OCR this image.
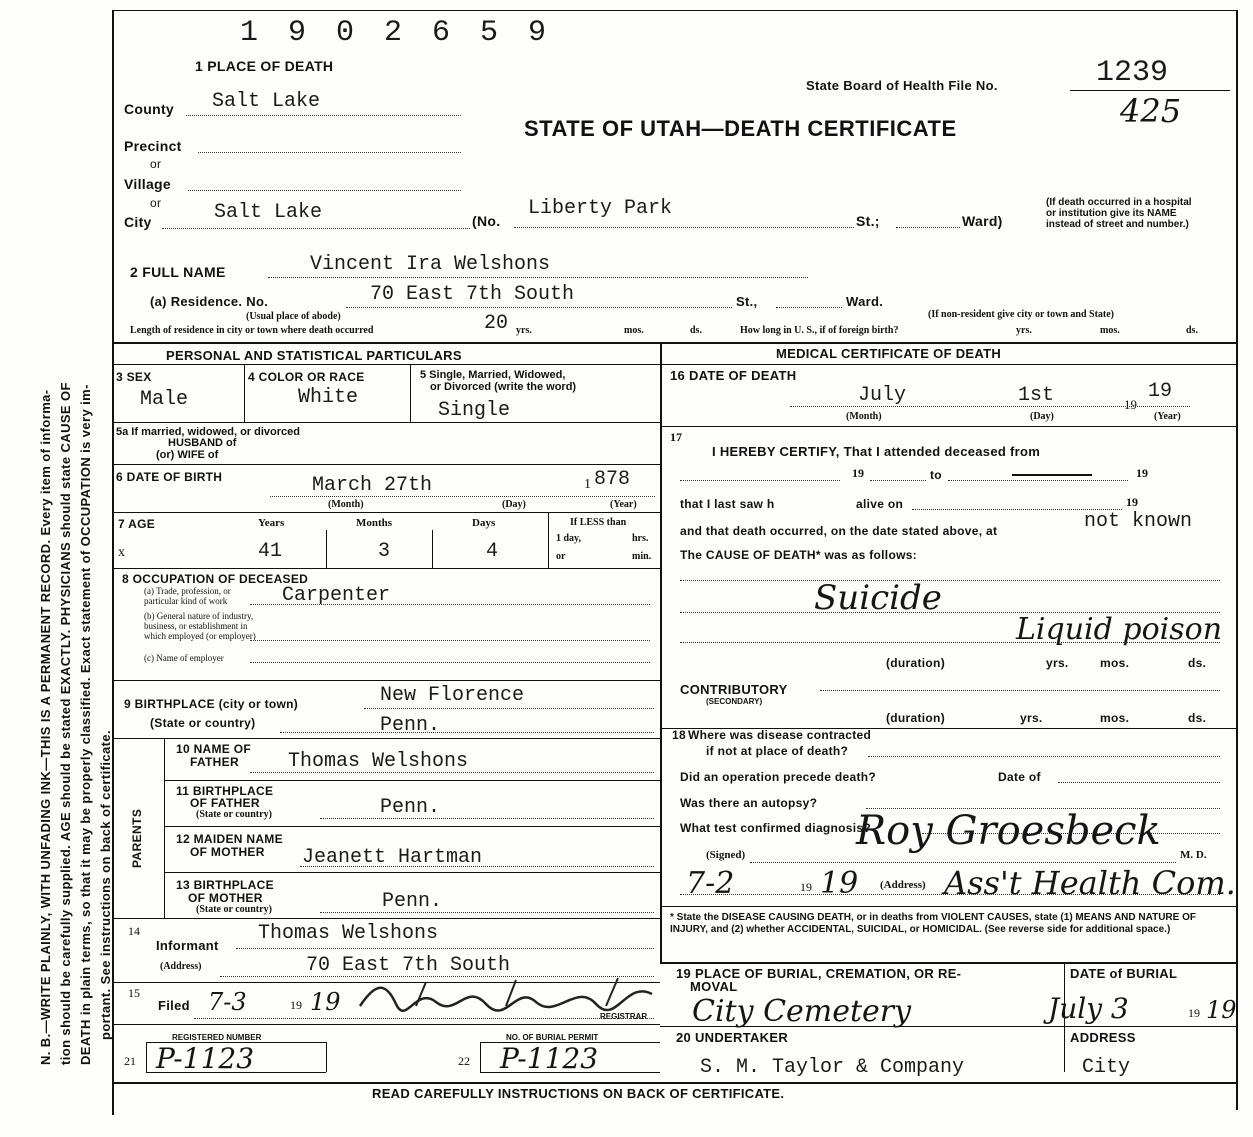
N. B.—WRITE PLAINLY, WITH UNFADING INK—THIS IS A PERMANENT RECORD. Every item of informa- tion should be carefully supplied. AGE should be stated EXACTLY. PHYSICIANS should state CAUSE OF DEATH in plain terms, so that it may be properly classified. Exact statement of OCCUPATION is very im- portant. See instructions on back of certificate.
1 9 0 2 6 5 9
1 PLACE OF DEATH
State Board of Health File No.	1239
425
STATE OF UTAH—DEATH CERTIFICATE
County Salt Lake
Precinct
or
Village
or
City	Salt Lake	(No.
Liberty Park
St.;	Ward)
(If death occurred in a hospital or institution give its NAME instead of street and number.)
2 FULL NAME	Vincent Ira Welshons
(a) Residence. No.	70 East 7th South	St.,	Ward.
(Usual place of abode)	(If non-resident give city or town and State)
Length of residence in city or town where death occurred	20 yrs.	mos.	ds.	How long in U. S., if of foreign birth?	yrs.	mos.	ds.
PERSONAL AND STATISTICAL PARTICULARS
3 SEX
Male
4 COLOR OR RACE
White
5 Single, Married, Widowed,
or Divorced (write the word)
Single
5a If married, widowed, or divorced
HUSBAND of
(or) WIFE of
6 DATE OF BIRTH	March 27th	1 878
(Month)	(Day)	(Year)
7 AGE	Years	Months	Days	If LESS than
1 day,	hrs.
or	min.
x	41	3	4
8 OCCUPATION OF DECEASED
(a) Trade, profession, or
particular kind of work	Carpenter
(b) General nature of industry,
business, or establishment in
which employed (or employer)
(c) Name of employer
9 BIRTHPLACE (city or town)	New Florence
(State or country)	Penn.
PARENTS
10 NAME OF
FATHER Thomas Welshons
11 BIRTHPLACE
OF FATHER
(State or country)	Penn.
12 MAIDEN NAME
OF MOTHER Jeanett Hartman
13 BIRTHPLACE
OF MOTHER
(State or country)	Penn.
14
Informant
Thomas Welshons
(Address)	70 East 7th South
15
Filed 7-3	19 19
REGISTRAR
REGISTERED NUMBER	NO. OF BURIAL PERMIT
21 P-1123	22 P-1123
MEDICAL CERTIFICATE OF DEATH
16 DATE OF DEATH
July	1st	19
19
(Month)	(Day)	(Year)
17
I HEREBY CERTIFY, That I attended deceased from
19	to	19
that I last saw h	alive on	19
and that death occurred, on the date stated above, at	not known
The CAUSE OF DEATH* was as follows:
Suicide
Liquid poison
(duration)	yrs.	mos.	ds.
CONTRIBUTORY
(SECONDARY)
(duration)	yrs.	mos.	ds.
18 Where was disease contracted
if not at place of death?
Did an operation precede death?	Date of
Was there an autopsy?
What test confirmed diagnosis?
(Signed)
Roy Groesbeck
M. D.
7-2	19 19 (Address) Ass't Health Com.
* State the DISEASE CAUSING DEATH, or in deaths from VIOLENT CAUSES, state (1) MEANS AND NATURE OF INJURY, and (2) whether ACCIDENTAL, SUICIDAL, or HOMICIDAL. (See reverse side for additional space.)
19 PLACE OF BURIAL, CREMATION, OR RE-
MOVAL
City Cemetery
DATE of BURIAL
July 3	19 19
20 UNDERTAKER
S. M. Taylor & Company
ADDRESS
City
READ CAREFULLY INSTRUCTIONS ON BACK OF CERTIFICATE.
